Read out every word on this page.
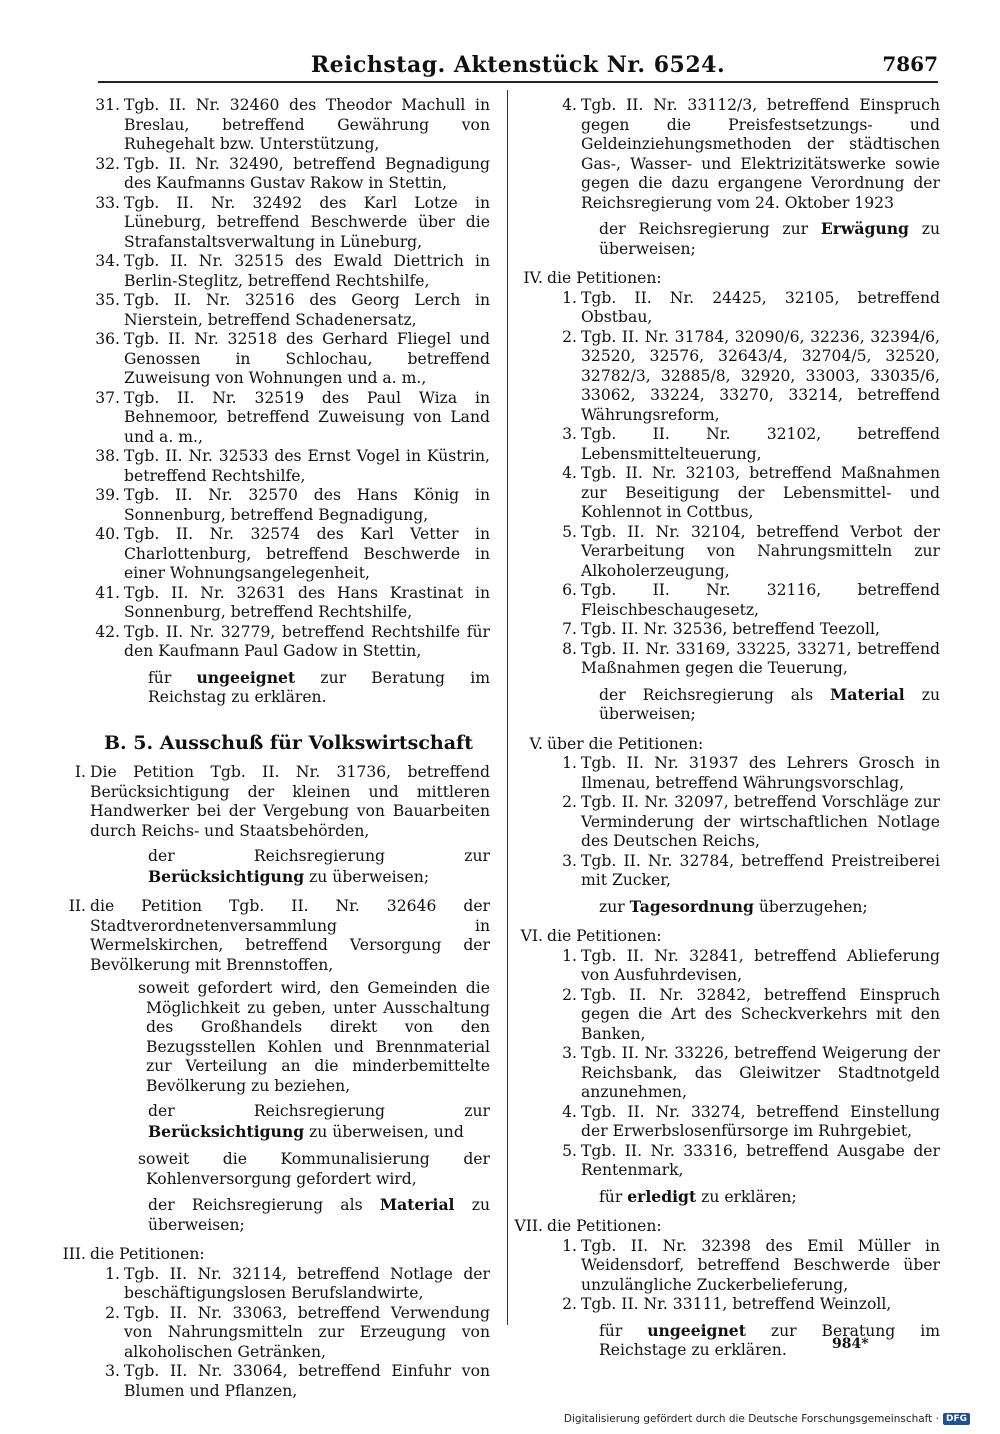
Reichstag. Aktenstück Nr. 6524.	7867
31. Tgb. II. Nr. 32460 des Theodor Machull in Breslau, betreffend Gewährung von Ruhegehalt bzw. Unterstützung,
32. Tgb. II. Nr. 32490, betreffend Begnadigung des Kaufmanns Gustav Rakow in Stettin,
33. Tgb. II. Nr. 32492 des Karl Lotze in Lüneburg, betreffend Beschwerde über die Strafanstaltsverwaltung in Lüneburg,
34. Tgb. II. Nr. 32515 des Ewald Diettrich in Berlin-Steglitz, betreffend Rechtshilfe,
35. Tgb. II. Nr. 32516 des Georg Lerch in Nierstein, betreffend Schadenersatz,
36. Tgb. II. Nr. 32518 des Gerhard Fliegel und Genossen in Schlochau, betreffend Zuweisung von Wohnungen und a. m.,
37. Tgb. II. Nr. 32519 des Paul Wiza in Behnemoor, betreffend Zuweisung von Land und a. m.,
38. Tgb. II. Nr. 32533 des Ernst Vogel in Küstrin, betreffend Rechtshilfe,
39. Tgb. II. Nr. 32570 des Hans König in Sonnenburg, betreffend Begnadigung,
40. Tgb. II. Nr. 32574 des Karl Vetter in Charlottenburg, betreffend Beschwerde in einer Wohnungsangelegenheit,
41. Tgb. II. Nr. 32631 des Hans Krastinat in Sonnenburg, betreffend Rechtshilfe,
42. Tgb. II. Nr. 32779, betreffend Rechtshilfe für den Kaufmann Paul Gadow in Stettin,
für ungeeignet zur Beratung im Reichstag zu erklären.
B. 5. Ausschuß für Volkswirtschaft
I. Die Petition Tgb. II. Nr. 31736, betreffend Berücksichtigung der kleinen und mittleren Handwerker bei der Vergebung von Bauarbeiten durch Reichs- und Staatsbehörden,
der Reichsregierung zur Berücksichtigung zu überweisen;
II. die Petition Tgb. II. Nr. 32646 der Stadtverordnetenversammlung in Wermelskirchen, betreffend Versorgung der Bevölkerung mit Brennstoffen,
soweit gefordert wird, den Gemeinden die Möglichkeit zu geben, unter Ausschaltung des Großhandels direkt von den Bezugsstellen Kohlen und Brennmaterial zur Verteilung an die minderbemittelte Bevölkerung zu beziehen,
der Reichsregierung zur Berücksichtigung zu überweisen, und
soweit die Kommunalisierung der Kohlenversorgung gefordert wird,
der Reichsregierung als Material zu überweisen;
III. die Petitionen:
1. Tgb. II. Nr. 32114, betreffend Notlage der beschäftigungslosen Berufslandwirte,
2. Tgb. II. Nr. 33063, betreffend Verwendung von Nahrungsmitteln zur Erzeugung von alkoholischen Getränken,
3. Tgb. II. Nr. 33064, betreffend Einfuhr von Blumen und Pflanzen,
4. Tgb. II. Nr. 33112/3, betreffend Einspruch gegen die Preisfestsetzungs- und Geldeinziehungsmethoden der städtischen Gas-, Wasser- und Elektrizitätswerke sowie gegen die dazu ergangene Verordnung der Reichsregierung vom 24. Oktober 1923
der Reichsregierung zur Erwägung zu überweisen;
IV. die Petitionen:
1. Tgb. II. Nr. 24425, 32105, betreffend Obstbau,
2. Tgb. II. Nr. 31784, 32090/6, 32236, 32394/6, 32520, 32576, 32643/4, 32704/5, 32520, 32782/3, 32885/8, 32920, 33003, 33035/6, 33062, 33224, 33270, 33214, betreffend Währungsreform,
3. Tgb. II. Nr. 32102, betreffend Lebensmittelteuerung,
4. Tgb. II. Nr. 32103, betreffend Maßnahmen zur Beseitigung der Lebensmittel- und Kohlennot in Cottbus,
5. Tgb. II. Nr. 32104, betreffend Verbot der Verarbeitung von Nahrungsmitteln zur Alkoholerzeugung,
6. Tgb. II. Nr. 32116, betreffend Fleischbeschaugesetz,
7. Tgb. II. Nr. 32536, betreffend Teezoll,
8. Tgb. II. Nr. 33169, 33225, 33271, betreffend Maßnahmen gegen die Teuerung,
der Reichsregierung als Material zu überweisen;
V. über die Petitionen:
1. Tgb. II. Nr. 31937 des Lehrers Grosch in Ilmenau, betreffend Währungsvorschlag,
2. Tgb. II. Nr. 32097, betreffend Vorschläge zur Verminderung der wirtschaftlichen Notlage des Deutschen Reichs,
3. Tgb. II. Nr. 32784, betreffend Preistreiberei mit Zucker,
zur Tagesordnung überzugehen;
VI. die Petitionen:
1. Tgb. II. Nr. 32841, betreffend Ablieferung von Ausfuhrdevisen,
2. Tgb. II. Nr. 32842, betreffend Einspruch gegen die Art des Scheckverkehrs mit den Banken,
3. Tgb. II. Nr. 33226, betreffend Weigerung der Reichsbank, das Gleiwitzer Stadtnotgeld anzunehmen,
4. Tgb. II. Nr. 33274, betreffend Einstellung der Erwerbslosenfürsorge im Ruhrgebiet,
5. Tgb. II. Nr. 33316, betreffend Ausgabe der Rentenmark,
für erledigt zu erklären;
VII. die Petitionen:
1. Tgb. II. Nr. 32398 des Emil Müller in Weidensdorf, betreffend Beschwerde über unzulängliche Zuckerbelieferung,
2. Tgb. II. Nr. 33111, betreffend Weinzoll,
für ungeeignet zur Beratung im Reichstage zu erklären.	984*
Digitalisierung gefördert durch die Deutsche Forschungsgemeinschaft · DFG
